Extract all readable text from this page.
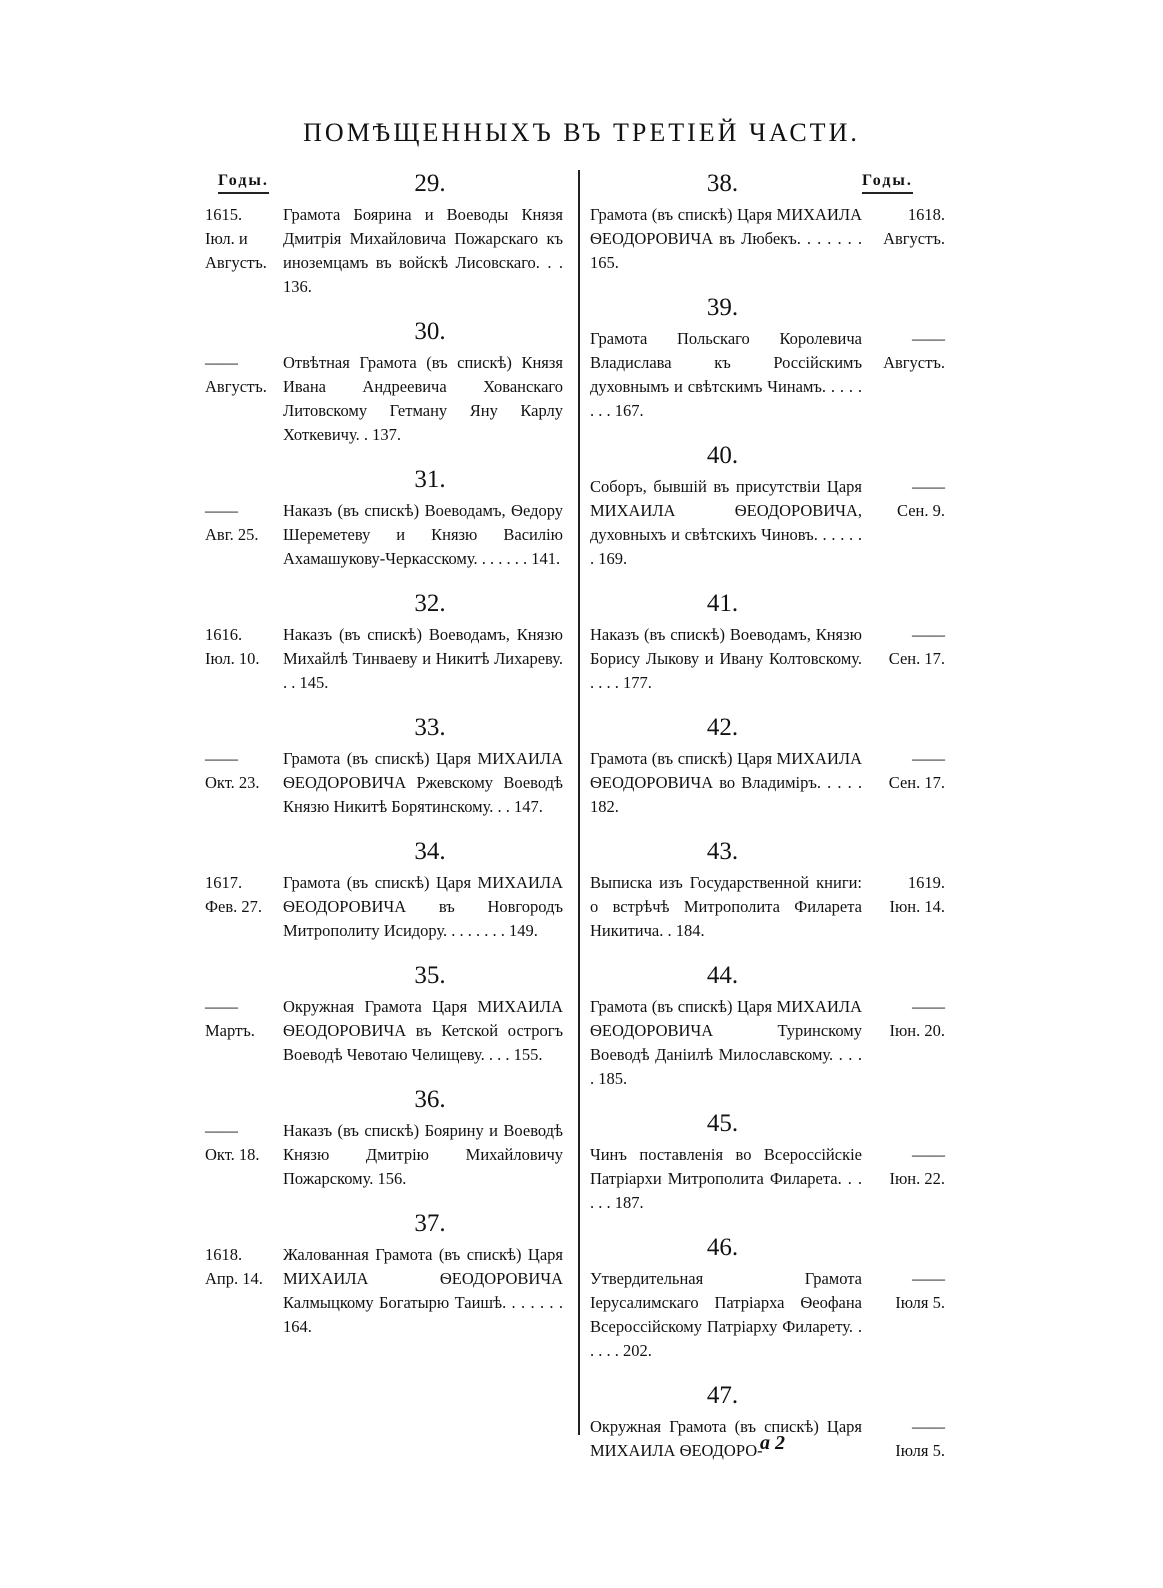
ПОМѢЩЕННЫХЪ ВЪ ТРЕТІЕЙ ЧАСТИ.
Годы.	Годы.
29.
1615.
Іюл. и
Августъ.
Грамота Боярина и Воеводы Князя Дмитрія Михайловича Пожарскаго къ иноземцамъ въ войскѣ Лисовскаго. . . 136.
30.
——
Августъ.
Отвѣтная Грамота (въ спискѣ) Князя Ивана Андреевича Хованскаго Литовскому Гетману Яну Карлу Хоткевичу. . 137.
31.
——
Авг. 25.
Наказъ (въ спискѣ) Воеводамъ, Ѳедору Шереметеву и Князю Василію Ахамашукову-Черкасскому. . . . . . . 141.
32.
1616.
Іюл. 10.
Наказъ (въ спискѣ) Воеводамъ, Князю Михайлѣ Тинваеву и Никитѣ Лихареву. . . 145.
33.
——
Окт. 23.
Грамота (въ спискѣ) Царя МИХАИЛА ѲЕОДОРОВИЧА Ржевскому Воеводѣ Князю Никитѣ Борятинскому. . . 147.
34.
1617.
Фев. 27.
Грамота (въ спискѣ) Царя МИХАИЛА ѲЕОДОРОВИЧА въ Новгородъ Митрополиту Исидору. . . . . . . . 149.
35.
——
Мартъ.
Окружная Грамота Царя МИХАИЛА ѲЕОДОРОВИЧА въ Кетской острогъ Воеводѣ Чевотаю Челищеву. . . . 155.
36.
——
Окт. 18.
Наказъ (въ спискѣ) Боярину и Воеводѣ Князю Дмитрію Михайловичу Пожарскому. 156.
37.
1618.
Апр. 14.
Жалованная Грамота (въ спискѣ) Царя МИХАИЛА ѲЕОДОРОВИЧА Калмыцкому Богатырю Таишѣ. . . . . . . 164.
38.
Грамота (въ спискѣ) Царя МИХАИЛА ѲЕОДОРОВИЧА въ Любекъ. . . . . . . 165.
1618.
Августъ.
39.
Грамота Польскаго Королевича Владислава къ Россійскимъ духовнымъ и свѣтскимъ Чинамъ. . . . . . . . 167.
——
Августъ.
40.
Соборъ, бывшій въ присутствіи Царя МИХАИЛА ѲЕОДОРОВИЧА, духовныхъ и свѣтскихъ Чиновъ. . . . . . . 169.
——
Сен. 9.
41.
Наказъ (въ спискѣ) Воеводамъ, Князю Борису Лыкову и Ивану Колтовскому. . . . . 177.
——
Сен. 17.
42.
Грамота (въ спискѣ) Царя МИХАИЛА ѲЕОДОРОВИЧА во Владиміръ. . . . . 182.
——
Сен. 17.
43.
Выписка изъ Государственной книги: о встрѣчѣ Митрополита Филарета Никитича. . 184.
1619.
Іюн. 14.
44.
Грамота (въ спискѣ) Царя МИХАИЛА ѲЕОДОРОВИЧА Туринскому Воеводѣ Даніилѣ Милославскому. . . . . 185.
——
Іюн. 20.
45.
Чинъ поставленія во Всероссійскіе Патріархи Митрополита Филарета. . . . . . 187.
——
Іюн. 22.
46.
Утвердительная Грамота Іерусалимскаго Патріарха Ѳеофана Всероссійскому Патріарху Филарету. . . . . . 202.
——
Іюля 5.
47.
Окружная Грамота (въ спискѣ) Царя МИХАИЛА ѲЕОДОРО-
——
Іюля 5.
а 2
